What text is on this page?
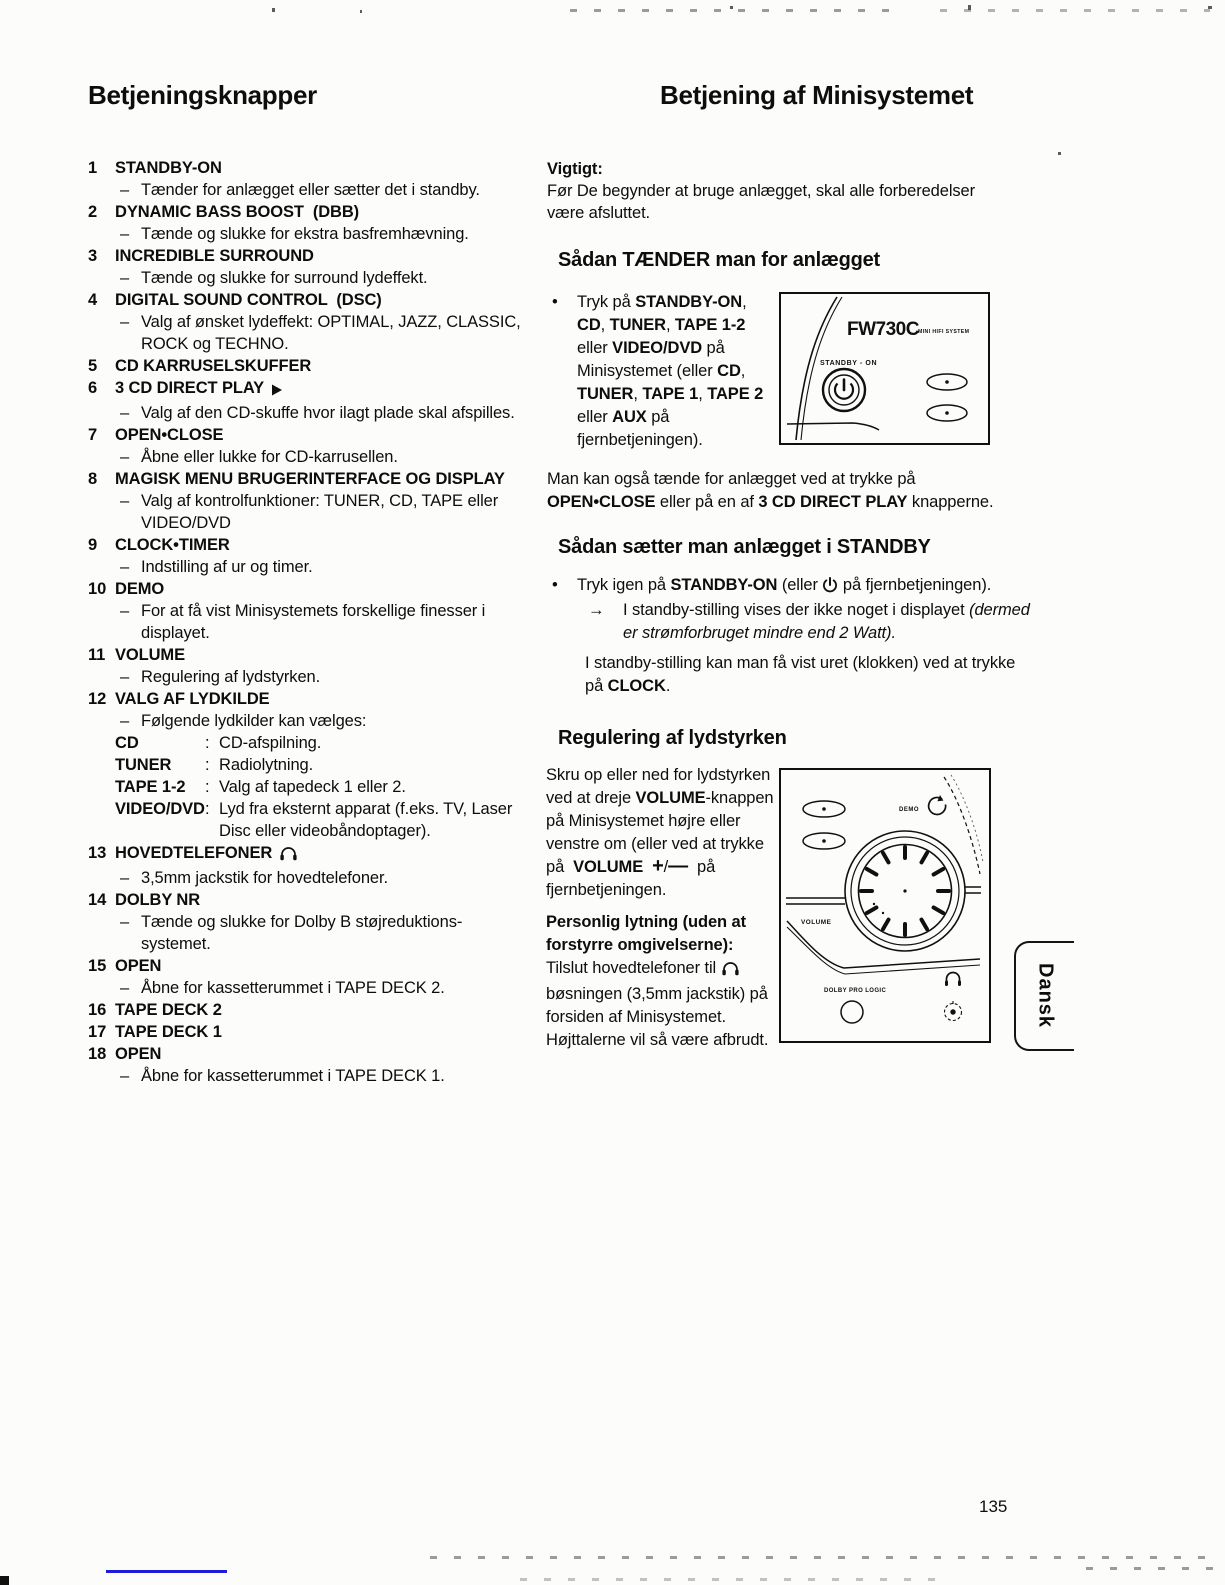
Betjeningsknapper	Betjening af Minisystemet
1	STANDBY-ON
– Tænder for anlægget eller sætter det i standby.
2	DYNAMIC BASS BOOST  (DBB)
– Tænde og slukke for ekstra basfremhævning.
3	INCREDIBLE SURROUND
– Tænde og slukke for surround lydeffekt.
4	DIGITAL SOUND CONTROL  (DSC)
– Valg af ønsket lydeffekt: OPTIMAL, JAZZ, CLASSIC, ROCK og TECHNO.
5	CD KARRUSELSKUFFER
6	3 CD DIRECT PLAY
– Valg af den CD-skuffe hvor ilagt plade skal afspilles.
7	OPEN•CLOSE
– Åbne eller lukke for CD-karrusellen.
8	MAGISK MENU BRUGERINTERFACE OG DISPLAY
– Valg af kontrolfunktioner: TUNER, CD, TAPE eller VIDEO/DVD
9	CLOCK•TIMER
– Indstilling af ur og timer.
10 DEMO
– For at få vist Minisystemets forskellige finesser i displayet.
11 VOLUME
– Regulering af lydstyrken.
12 VALG AF LYDKILDE
– Følgende lydkilder kan vælges:
CD	: CD-afspilning.
TUNER	: Radiolytning.
TAPE 1-2	: Valg af tapedeck 1 eller 2.
VIDEO/DVD : Lyd fra eksternt apparat (f.eks. TV, Laser Disc eller videobåndoptager).
13 HOVEDTELEFONER
– 3,5mm jackstik for hovedtelefoner.
14 DOLBY NR
– Tænde og slukke for Dolby B støjreduktions-systemet.
15 OPEN
– Åbne for kassetterummet i TAPE DECK 2.
16 TAPE DECK 2
17 TAPE DECK 1
18 OPEN
– Åbne for kassetterummet i TAPE DECK 1.
Vigtigt:
Før De begynder at bruge anlægget, skal alle forberedelser
være afsluttet.
Sådan TÆNDER man for anlægget
•	Tryk på STANDBY-ON,
CD, TUNER, TAPE 1-2
eller VIDEO/DVD på
Minisystemet (eller CD,
TUNER, TAPE 1, TAPE 2
eller AUX på
fjernbetjeningen).
FW730C MINI HIFI SYSTEM
STANDBY - ON
Man kan også tænde for anlægget ved at trykke på
OPEN•CLOSE eller på en af 3 CD DIRECT PLAY knapperne.
Sådan sætter man anlægget i STANDBY
•	Tryk igen på STANDBY-ON (eller  på fjernbetjeningen).
→	I standby-stilling vises der ikke noget i displayet (dermed
er strømforbruget mindre end 2 Watt).
I standby-stilling kan man få vist uret (klokken) ved at trykke
på CLOCK.
Regulering af lydstyrken
Skru op eller ned for lydstyrken
ved at dreje VOLUME-knappen
på Minisystemet højre eller
venstre om (eller ved at trykke
på  VOLUME +/—  på
fjernbetjeningen.
Personlig lytning (uden at
forstyrre omgivelserne):
Tilslut hovedtelefoner til
bøsningen (3,5mm jackstik) på
forsiden af Minisystemet.
Højttalerne vil så være afbrudt.
DEMO
VOLUME
DOLBY PRO LOGIC	Dansk
135
